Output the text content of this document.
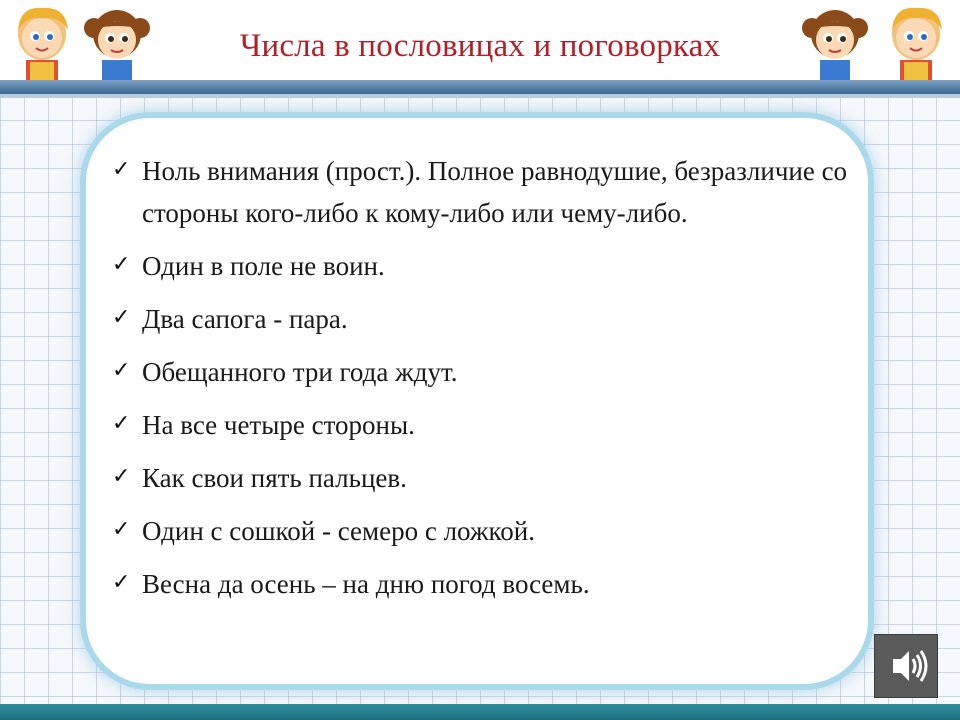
Числа в пословицах и поговорках
✓ Ноль внимания (прост.). Полное равнодушие, безразличие со стороны кого-либо к кому-либо или чему-либо.
✓ Один в поле не воин.
✓ Два сапога - пара.
✓ Обещанного три года ждут.
✓ На все четыре стороны.
✓ Как свои пять пальцев.
✓ Один с сошкой - семеро с ложкой.
✓ Весна да осень – на дню погод восемь.
